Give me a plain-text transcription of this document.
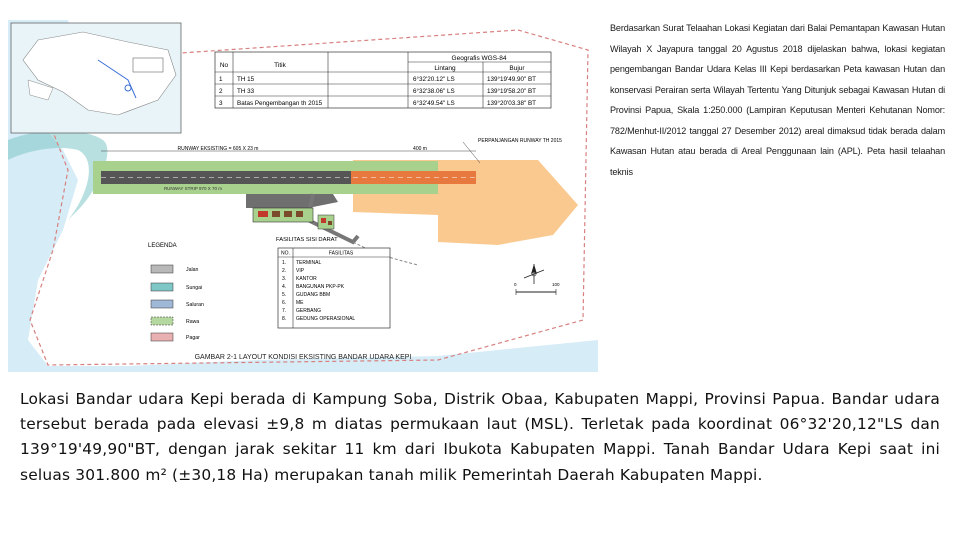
No	Titik
Geografis WGS-84
Lintang	Bujur
1 TH 15	6°32'20.12" LS	139°19'49.90" BT
2 TH 33	6°32'38.06" LS	139°19'58.20" BT
3 Batas Pengembangan th 2015	6°32'49.54" LS	139°20'03.38" BT
RUNWAY EKSISTING = 605 X 23 m	400 m
PERPANJANGAN RUNWAY TH 2015
RUNWAY STRIP 970 X 70 m
LEGENDA
Jalan
Sungai
Saluran
Rawa
Pagar
FASILITAS SISI DARAT
NO.	FASILITAS
1. TERMINAL
2. VIP
3. KANTOR
4. BANGUNAN PKP-PK
5. GUDANG BBM
6. ME
7. GERBANG
8. GEDUNG OPERASIONAL
0	100
GAMBAR 2-1 LAYOUT KONDISI EKSISTING BANDAR UDARA KEPI
Berdasarkan Surat Telaahan Lokasi Kegiatan dari Balai Pemantapan Kawasan Hutan Wilayah X Jayapura tanggal 20 Agustus 2018 dijelaskan bahwa, lokasi kegiatan pengembangan Bandar Udara Kelas III Kepi berdasarkan Peta kawasan Hutan dan konservasi Perairan serta Wilayah Tertentu Yang Ditunjuk sebagai Kawasan Hutan di Provinsi Papua, Skala 1:250.000 (Lampiran Keputusan Menteri Kehutanan Nomor: 782/Menhut-II/2012 tanggal 27 Desember 2012) areal dimaksud tidak berada dalam Kawasan Hutan atau berada di Areal Penggunaan lain (APL). Peta hasil telaahan teknis
Lokasi Bandar udara Kepi berada di Kampung Soba, Distrik Obaa, Kabupaten Mappi, Provinsi Papua. Bandar udara tersebut berada pada elevasi ±9,8 m diatas permukaan laut (MSL). Terletak pada koordinat 06°32'20,12"LS dan 139°19'49,90"BT, dengan jarak sekitar 11 km dari Ibukota Kabupaten Mappi. Tanah Bandar Udara Kepi saat ini seluas 301.800 m² (±30,18 Ha) merupakan tanah milik Pemerintah Daerah Kabupaten Mappi.
